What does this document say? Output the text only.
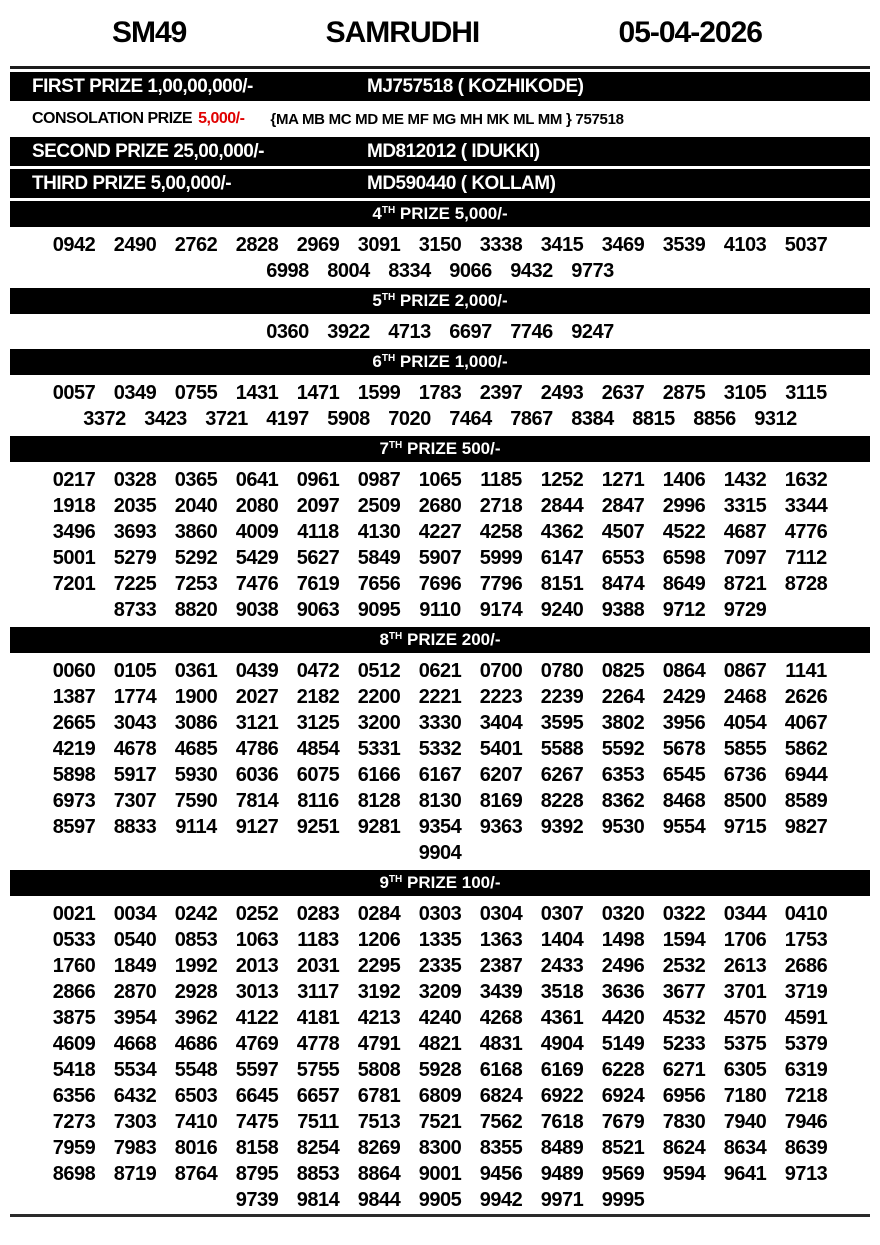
SM49	SAMRUDHI	05-04-2026
FIRST PRIZE 1,00,00,000/-	MJ757518 ( KOZHIKODE)
CONSOLATION PRIZE 5,000/- {MA MB MC MD ME MF MG MH MK ML MM } 757518
SECOND PRIZE 25,00,000/-	MD812012 ( IDUKKI)
THIRD PRIZE 5,00,000/-	MD590440 ( KOLLAM)
4TH PRIZE 5,000/-
0942 2490 2762 2828 2969 3091 3150 3338 3415 3469 3539 4103 5037
6998 8004 8334 9066 9432 9773
5TH PRIZE 2,000/-
0360 3922 4713 6697 7746 9247
6TH PRIZE 1,000/-
0057 0349 0755 1431 1471 1599 1783 2397 2493 2637 2875 3105 3115
3372 3423 3721 4197 5908 7020 7464 7867 8384 8815 8856 9312
7TH PRIZE 500/-
0217 0328 0365 0641 0961 0987 1065 1185 1252 1271 1406 1432 1632
1918 2035 2040 2080 2097 2509 2680 2718 2844 2847 2996 3315 3344
3496 3693 3860 4009 4118 4130 4227 4258 4362 4507 4522 4687 4776
5001 5279 5292 5429 5627 5849 5907 5999 6147 6553 6598 7097 7112
7201 7225 7253 7476 7619 7656 7696 7796 8151 8474 8649 8721 8728
8733 8820 9038 9063 9095 9110 9174 9240 9388 9712 9729
8TH PRIZE 200/-
0060 0105 0361 0439 0472 0512 0621 0700 0780 0825 0864 0867 1141
1387 1774 1900 2027 2182 2200 2221 2223 2239 2264 2429 2468 2626
2665 3043 3086 3121 3125 3200 3330 3404 3595 3802 3956 4054 4067
4219 4678 4685 4786 4854 5331 5332 5401 5588 5592 5678 5855 5862
5898 5917 5930 6036 6075 6166 6167 6207 6267 6353 6545 6736 6944
6973 7307 7590 7814 8116 8128 8130 8169 8228 8362 8468 8500 8589
8597 8833 9114 9127 9251 9281 9354 9363 9392 9530 9554 9715 9827
9904
9TH PRIZE 100/-
0021 0034 0242 0252 0283 0284 0303 0304 0307 0320 0322 0344 0410
0533 0540 0853 1063 1183 1206 1335 1363 1404 1498 1594 1706 1753
1760 1849 1992 2013 2031 2295 2335 2387 2433 2496 2532 2613 2686
2866 2870 2928 3013 3117 3192 3209 3439 3518 3636 3677 3701 3719
3875 3954 3962 4122 4181 4213 4240 4268 4361 4420 4532 4570 4591
4609 4668 4686 4769 4778 4791 4821 4831 4904 5149 5233 5375 5379
5418 5534 5548 5597 5755 5808 5928 6168 6169 6228 6271 6305 6319
6356 6432 6503 6645 6657 6781 6809 6824 6922 6924 6956 7180 7218
7273 7303 7410 7475 7511 7513 7521 7562 7618 7679 7830 7940 7946
7959 7983 8016 8158 8254 8269 8300 8355 8489 8521 8624 8634 8639
8698 8719 8764 8795 8853 8864 9001 9456 9489 9569 9594 9641 9713
9739 9814 9844 9905 9942 9971 9995
